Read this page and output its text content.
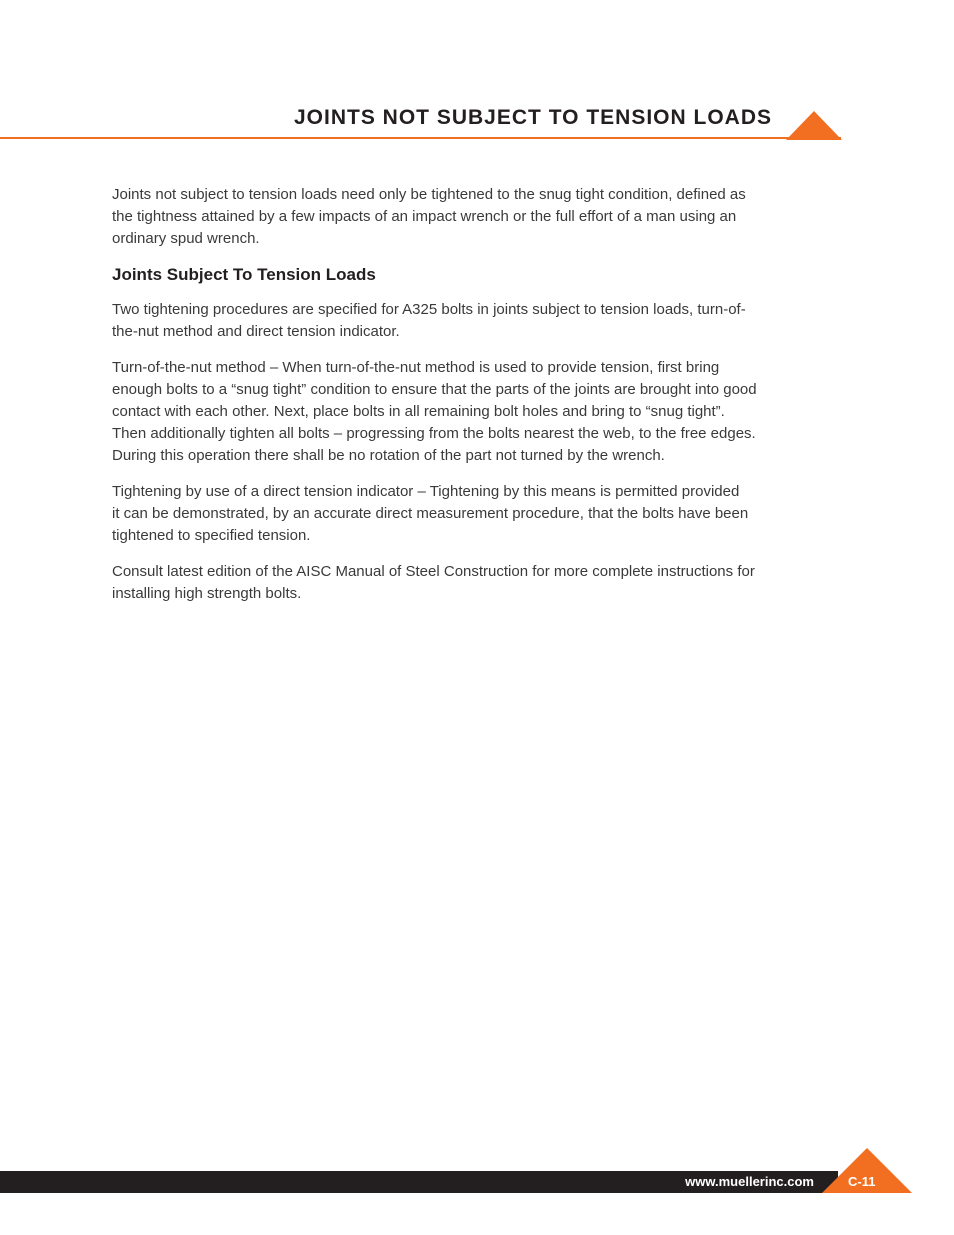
JOINTS NOT SUBJECT TO TENSION LOADS

Joints not subject to tension loads need only be tightened to the snug tight condition, defined as
the tightness attained by a few impacts of an impact wrench or the full effort of a man using an
ordinary spud wrench.

Joints Subject To Tension Loads

Two tightening procedures are specified for A325 bolts in joints subject to tension loads, turn-of-
the-nut method and direct tension indicator.

Turn-of-the-nut method – When turn-of-the-nut method is used to provide tension, first bring
enough bolts to a “snug tight” condition to ensure that the parts of the joints are brought into good
contact with each other. Next, place bolts in all remaining bolt holes and bring to “snug tight”.
Then additionally tighten all bolts – progressing from the bolts nearest the web, to the free edges.
During this operation there shall be no rotation of the part not turned by the wrench.

Tightening by use of a direct tension indicator – Tightening by this means is permitted provided
it can be demonstrated, by an accurate direct measurement procedure, that the bolts have been
tightened to specified tension.

Consult latest edition of the AISC Manual of Steel Construction for more complete instructions for
installing high strength bolts.

www.muellerinc.com	C-11
